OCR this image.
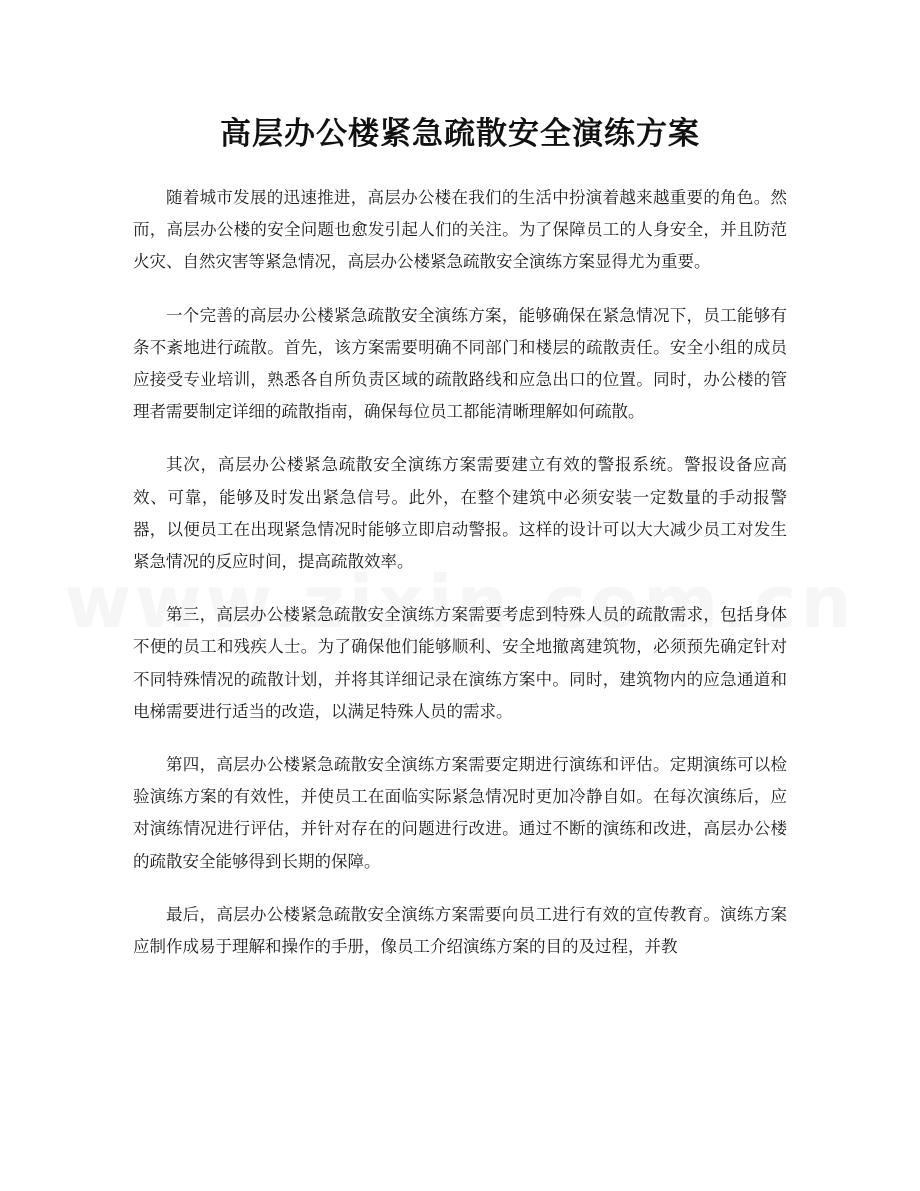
高层办公楼紧急疏散安全演练方案

随着城市发展的迅速推进，高层办公楼在我们的生活中扮演着越来越重要的角色。然而，高层办公楼的安全问题也愈发引起人们的关注。为了保障员工的人身安全，并且防范火灾、自然灾害等紧急情况，高层办公楼紧急疏散安全演练方案显得尤为重要。

一个完善的高层办公楼紧急疏散安全演练方案，能够确保在紧急情况下，员工能够有条不紊地进行疏散。首先，该方案需要明确不同部门和楼层的疏散责任。安全小组的成员应接受专业培训，熟悉各自所负责区域的疏散路线和应急出口的位置。同时，办公楼的管理者需要制定详细的疏散指南，确保每位员工都能清晰理解如何疏散。

其次，高层办公楼紧急疏散安全演练方案需要建立有效的警报系统。警报设备应高效、可靠，能够及时发出紧急信号。此外，在整个建筑中必须安装一定数量的手动报警器，以便员工在出现紧急情况时能够立即启动警报。这样的设计可以大大减少员工对发生紧急情况的反应时间，提高疏散效率。

第三，高层办公楼紧急疏散安全演练方案需要考虑到特殊人员的疏散需求，包括身体不便的员工和残疾人士。为了确保他们能够顺利、安全地撤离建筑物，必须预先确定针对不同特殊情况的疏散计划，并将其详细记录在演练方案中。同时，建筑物内的应急通道和电梯需要进行适当的改造，以满足特殊人员的需求。

第四，高层办公楼紧急疏散安全演练方案需要定期进行演练和评估。定期演练可以检验演练方案的有效性，并使员工在面临实际紧急情况时更加冷静自如。在每次演练后，应对演练情况进行评估，并针对存在的问题进行改进。通过不断的演练和改进，高层办公楼的疏散安全能够得到长期的保障。

最后，高层办公楼紧急疏散安全演练方案需要向员工进行有效的宣传教育。演练方案应制作成易于理解和操作的手册，像员工介绍演练方案的目的及过程，并教
